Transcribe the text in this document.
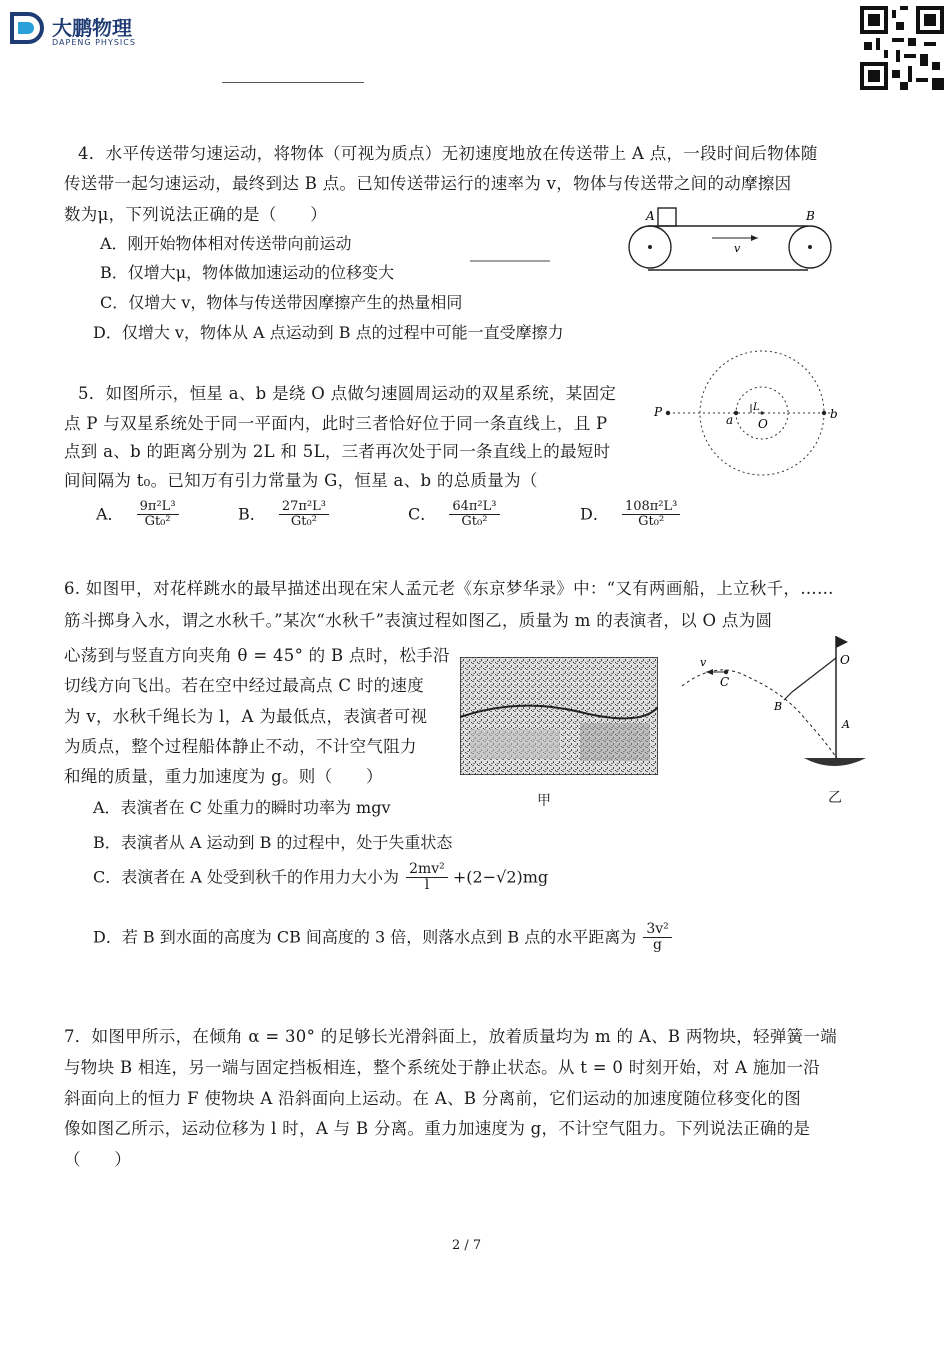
大鹏物理
DAPENG PHYSICS
4．水平传送带匀速运动，将物体（可视为质点）无初速度地放在传送带上 A 点，一段时间后物体随
传送带一起匀速运动，最终到达 B 点。已知传送带运行的速率为 v，物体与传送带之间的动摩擦因
数为μ，下列说法正确的是（　　）
A．刚开始物体相对传送带向前运动
B．仅增大μ，物体做加速运动的位移变大
C．仅增大 v，物体与传送带因摩擦产生的热量相同
D．仅增大 v，物体从 A 点运动到 B 点的过程中可能一直受摩擦力
A	B
v
5．如图所示，恒星 a、b 是绕 O 点做匀速圆周运动的双星系统，某固定
点 P 与双星系统处于同一平面内，此时三者恰好位于同一条直线上，且 P
点到 a、b 的距离分别为 2L 和 5L，三者再次处于同一条直线上的最短时
间间隔为 t₀。已知万有引力常量为 G，恒星 a、b 的总质量为（
A． $\frac{\text{9π²L³}}{\text{Gt₀²}}$	B． $\frac{\text{27π²L³}}{\text{Gt₀²}}$	C． $\frac{\text{64π²L³}}{\text{Gt₀²}}$	D． $\frac{\text{108π²L³}}{\text{Gt₀²}}$
P
a O
L	b
6. 如图甲，对花样跳水的最早描述出现在宋人孟元老《东京梦华录》中：“又有两画船，上立秋千，……
筋斗掷身入水，谓之水秋千。”某次“水秋千”表演过程如图乙，质量为 m 的表演者，以 O 点为圆
心荡到与竖直方向夹角 θ = 45° 的 B 点时，松手沿
切线方向飞出。若在空中经过最高点 C 时的速度
为 v，水秋千绳长为 l，A 为最低点，表演者可视
为质点，整个过程船体静止不动，不计空气阻力
和绳的质量，重力加速度为 g。则（　　）
A．表演者在 C 处重力的瞬时功率为 mgv
B．表演者从 A 运动到 B 的过程中，处于失重状态
C．表演者在 A 处受到秋千的作用力大小为 $\frac{\text{2mv²}}{l} +(2-√2)mg$
D．若 B 到水面的高度为 CB 间高度的 3 倍，则落水点到 B 点的水平距离为 $\frac{\text{3v²}}{g}$
甲
v
C
B
O
A
乙
7．如图甲所示，在倾角 α = 30° 的足够长光滑斜面上，放着质量均为 m 的 A、B 两物块，轻弹簧一端
与物块 B 相连，另一端与固定挡板相连，整个系统处于静止状态。从 t = 0 时刻开始，对 A 施加一沿
斜面向上的恒力 F 使物块 A 沿斜面向上运动。在 A、B 分离前，它们运动的加速度随位移变化的图
像如图乙所示，运动位移为 l 时，A 与 B 分离。重力加速度为 g，不计空气阻力。下列说法正确的是
（　　）
2 / 7
